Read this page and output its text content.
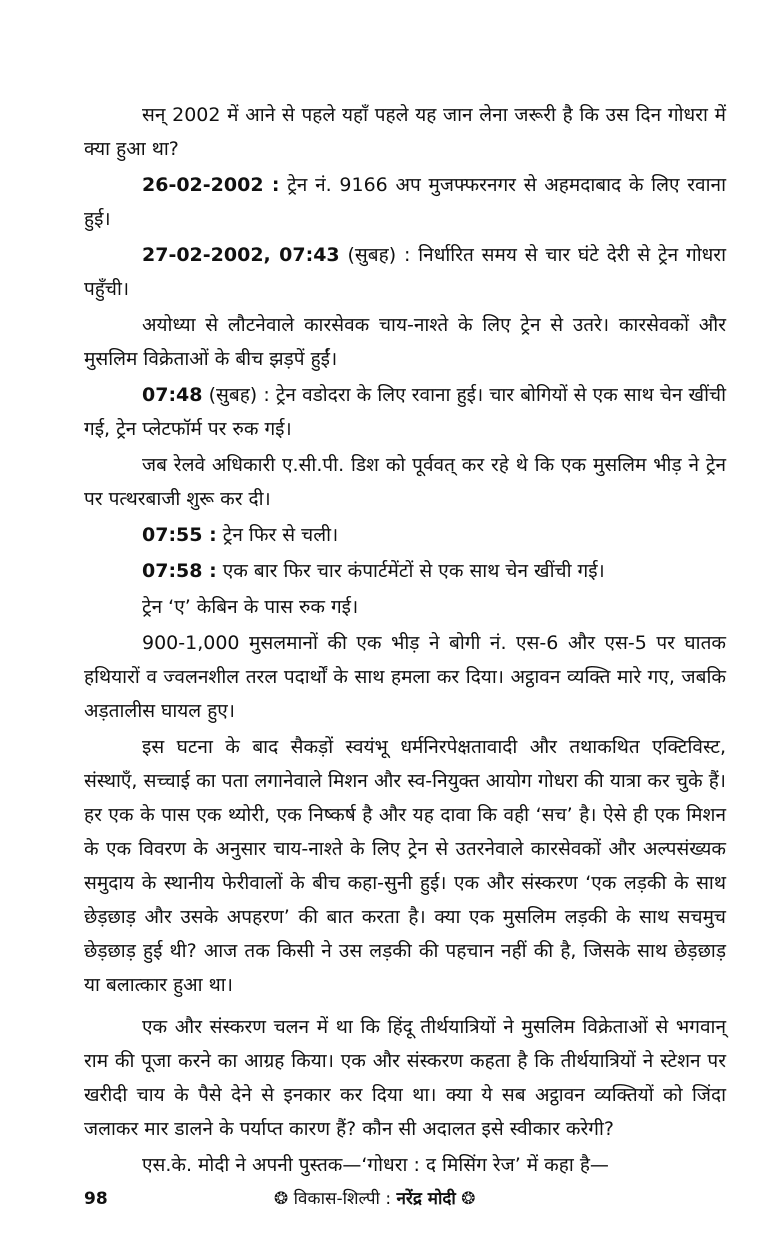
सन् 2002 में आने से पहले यहाँ पहले यह जान लेना जरूरी है कि उस दिन गोधरा में क्या हुआ था?

26-02-2002 : ट्रेन नं. 9166 अप मुजफ्फरनगर से अहमदाबाद के लिए रवाना हुई।

27-02-2002, 07:43 (सुबह) : निर्धारित समय से चार घंटे देरी से ट्रेन गोधरा पहुँची।

अयोध्या से लौटनेवाले कारसेवक चाय-नाश्ते के लिए ट्रेन से उतरे। कारसेवकों और मुसलिम विक्रेताओं के बीच झड़पें हुईं।

07:48 (सुबह) : ट्रेन वडोदरा के लिए रवाना हुई। चार बोगियों से एक साथ चेन खींची गई, ट्रेन प्लेटफॉर्म पर रुक गई।

जब रेलवे अधिकारी ए.सी.पी. डिश को पूर्ववत् कर रहे थे कि एक मुसलिम भीड़ ने ट्रेन पर पत्थरबाजी शुरू कर दी।

07:55 : ट्रेन फिर से चली।

07:58 : एक बार फिर चार कंपार्टमेंटों से एक साथ चेन खींची गई।

ट्रेन ‘ए’ केबिन के पास रुक गई।

900-1,000 मुसलमानों की एक भीड़ ने बोगी नं. एस-6 और एस-5 पर घातक हथियारों व ज्वलनशील तरल पदार्थों के साथ हमला कर दिया। अट्ठावन व्यक्ति मारे गए, जबकि अड़तालीस घायल हुए।

इस घटना के बाद सैकड़ों स्वयंभू धर्मनिरपेक्षतावादी और तथाकथित एक्टिविस्ट, संस्थाएँ, सच्चाई का पता लगानेवाले मिशन और स्व-नियुक्त आयोग गोधरा की यात्रा कर चुके हैं। हर एक के पास एक थ्योरी, एक निष्कर्ष है और यह दावा कि वही ‘सच’ है। ऐसे ही एक मिशन के एक विवरण के अनुसार चाय-नाश्ते के लिए ट्रेन से उतरनेवाले कारसेवकों और अल्पसंख्यक समुदाय के स्थानीय फेरीवालों के बीच कहा-सुनी हुई। एक और संस्करण ‘एक लड़की के साथ छेड़छाड़ और उसके अपहरण’ की बात करता है। क्या एक मुसलिम लड़की के साथ सचमुच छेड़छाड़ हुई थी? आज तक किसी ने उस लड़की की पहचान नहीं की है, जिसके साथ छेड़छाड़ या बलात्कार हुआ था।

एक और संस्करण चलन में था कि हिंदू तीर्थयात्रियों ने मुसलिम विक्रेताओं से भगवान् राम की पूजा करने का आग्रह किया। एक और संस्करण कहता है कि तीर्थयात्रियों ने स्टेशन पर खरीदी चाय के पैसे देने से इनकार कर दिया था। क्या ये सब अट्ठावन व्यक्तियों को जिंदा जलाकर मार डालने के पर्याप्त कारण हैं? कौन सी अदालत इसे स्वीकार करेगी?

एस.के. मोदी ने अपनी पुस्तक—‘गोधरा : द मिसिंग रेज’ में कहा है—

98	❂ विकास-शिल्पी : नरेंद्र मोदी ❂
